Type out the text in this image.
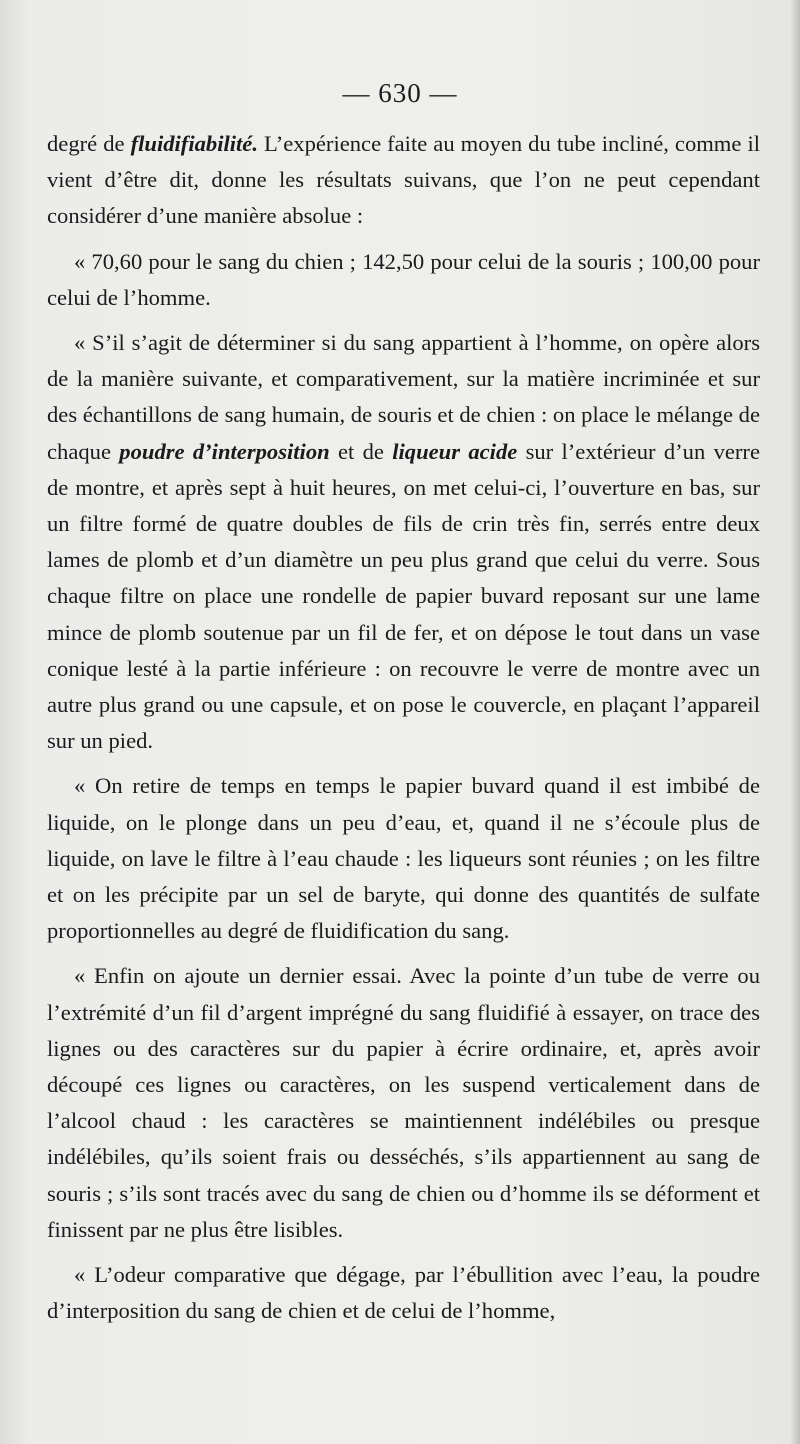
— 630 —

degré de fluidifiabilité. L’expérience faite au moyen du tube incliné, comme il vient d’être dit, donne les résultats suivans, que l’on ne peut cependant considérer d’une manière absolue :

« 70,60 pour le sang du chien ; 142,50 pour celui de la souris ; 100,00 pour celui de l’homme.

« S’il s’agit de déterminer si du sang appartient à l’homme, on opère alors de la manière suivante, et comparativement, sur la matière incriminée et sur des échantillons de sang humain, de souris et de chien : on place le mélange de chaque poudre d’interposition et de liqueur acide sur l’extérieur d’un verre de montre, et après sept à huit heures, on met celui-ci, l’ouverture en bas, sur un filtre formé de quatre doubles de fils de crin très fin, serrés entre deux lames de plomb et d’un diamètre un peu plus grand que celui du verre. Sous chaque filtre on place une rondelle de papier buvard reposant sur une lame mince de plomb soutenue par un fil de fer, et on dépose le tout dans un vase conique lesté à la partie inférieure : on recouvre le verre de montre avec un autre plus grand ou une capsule, et on pose le couvercle, en plaçant l’appareil sur un pied.

« On retire de temps en temps le papier buvard quand il est imbibé de liquide, on le plonge dans un peu d’eau, et, quand il ne s’écoule plus de liquide, on lave le filtre à l’eau chaude : les liqueurs sont réunies ; on les filtre et on les précipite par un sel de baryte, qui donne des quantités de sulfate proportionnelles au degré de fluidification du sang.

« Enfin on ajoute un dernier essai. Avec la pointe d’un tube de verre ou l’extrémité d’un fil d’argent imprégné du sang fluidifié à essayer, on trace des lignes ou des caractères sur du papier à écrire ordinaire, et, après avoir découpé ces lignes ou caractères, on les suspend verticalement dans de l’alcool chaud : les caractères se maintiennent indélébiles ou presque indélébiles, qu’ils soient frais ou desséchés, s’ils appartiennent au sang de souris ; s’ils sont tracés avec du sang de chien ou d’homme ils se déforment et finissent par ne plus être lisibles.

« L’odeur comparative que dégage, par l’ébullition avec l’eau, la poudre d’interposition du sang de chien et de celui de l’homme,
